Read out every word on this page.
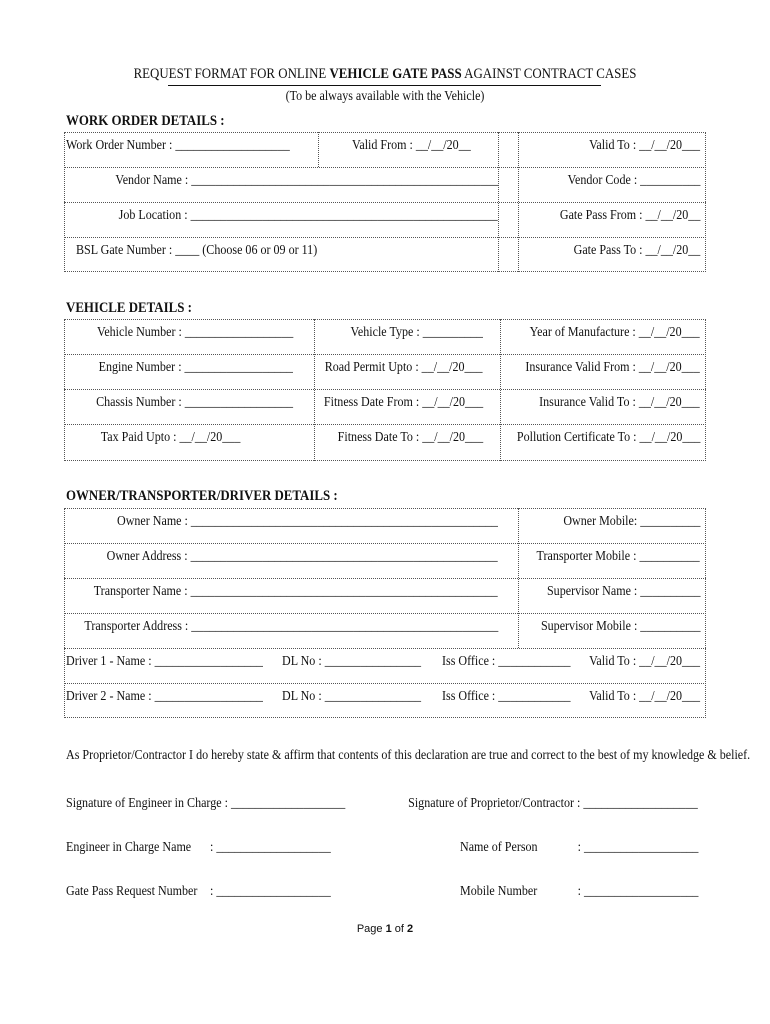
REQUEST FORMAT FOR ONLINE VEHICLE GATE PASS AGAINST CONTRACT CASES
(To be always available with the Vehicle)
WORK ORDER DETAILS :
Work Order Number : ___________________	Valid From : __/__/20__	Valid To : __/__/20___
Vendor Name : ___________________________________________________	Vendor Code : __________
Job Location : ___________________________________________________	Gate Pass From : __/__/20__
BSL Gate Number : ____ (Choose 06 or 09 or 11)	Gate Pass To : __/__/20__
VEHICLE DETAILS :
Vehicle Number : __________________	Vehicle Type : __________	Year of Manufacture : __/__/20___
Engine Number : __________________ Road Permit Upto : __/__/20___	Insurance Valid From : __/__/20___
Chassis Number : __________________ Fitness Date From : __/__/20___	Insurance Valid To : __/__/20___
Tax Paid Upto : __/__/20___	Fitness Date To : __/__/20___ Pollution Certificate To : __/__/20___
OWNER/TRANSPORTER/DRIVER DETAILS :
Owner Name : ___________________________________________________	Owner Mobile: __________
Owner Address : ___________________________________________________	Transporter Mobile : __________
Transporter Name : ___________________________________________________	Supervisor Name : __________
Transporter Address : ___________________________________________________	Supervisor Mobile : __________
Driver 1 - Name : __________________ DL No : ________________ Iss Office : ____________ Valid To : __/__/20___
Driver 2 - Name : __________________ DL No : ________________ Iss Office : ____________ Valid To : __/__/20___
As Proprietor/Contractor I do hereby state & affirm that contents of this declaration are true and correct to the best of my knowledge & belief.
Signature of Engineer in Charge : ___________________	Signature of Proprietor/Contractor : ___________________
Engineer in Charge Name : ___________________	Name of Person	: ___________________
Gate Pass Request Number : ___________________	Mobile Number	: ___________________
Page 1 of 2
